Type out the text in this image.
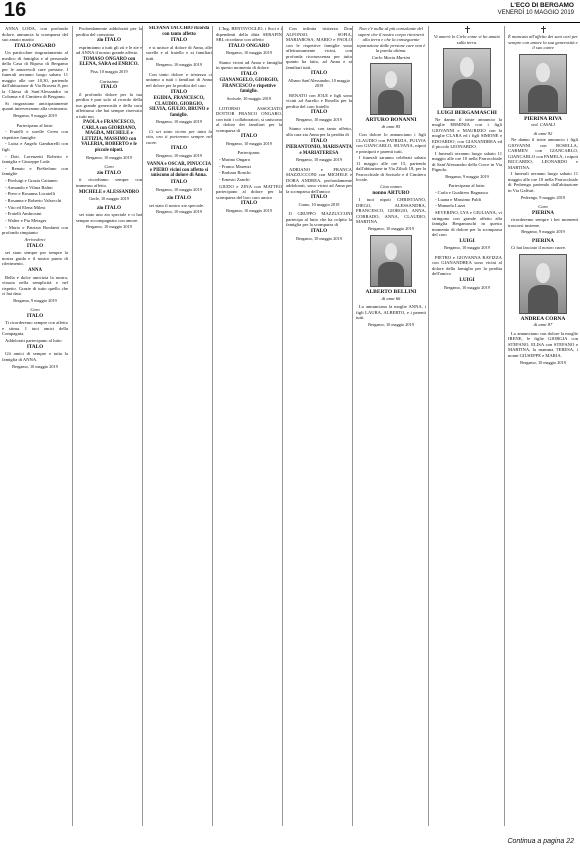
16	L'ECO DI BERGAMO
VENERDÌ 10 MAGGIO 2019

ANNA LODA, con profondo dolore, annuncia la scomparsa del suo amato marito

ITALO ONGARO

Un particolare ringraziamento al medico di famiglia e al personale della Casa di Riposo di Bergamo per le amorevoli cure prestate. I funerali avranno luogo sabato 11 maggio alle ore 10,30, partendo dall'abitazione di Via Broseta 8, per la Chiesa di Sant'Alessandro in Colonna e il Cimitero di Bergamo.

Si ringraziano anticipatamente quanti interverranno alla cerimonia.

Bergamo, 9 maggio 2019

Partecipano al lutto:

- Fratelli e sorelle Cerea con rispettive famiglie

- Luisa e Angelo Gambarelli con figli

- Dott. Lorenzetti Roberto e famiglia e Giuseppe Loda

- Renato e PieStefano con famiglie

- Pierluigi e Grazia Cattaneo

- Armando e Vilma Balini

- Piero e Rosanna Locatelli

- Rosanna e Roberto Valsecchi

- Vito ed Elena Milesi

- Fratelli Ambrosini

- Walter e Pia Metzger

- Mario e Patrizia Bonfanti con profondo rimpianto

Arrivederci

ITALO

sei stato sempre per sempre la nostra guida e il nostro punto di riferimento.

ANNA

Bella e dolce amicizia la nostra, vissuta nella semplicità e nel rispetto. Grazie di tutto quello che ci hai dato.

Bergamo, 9 maggio 2019

Caro

ITALO

Ti ricorderemo sempre con affetto e stima. I tuoi amici della Compagnia.

Addolorati partecipano al lutto

ITALO

Gli amici di sempre e tutta la famiglia di ANNA.

Bergamo, 10 maggio 2019

Profondamente addolorati per la perdita del carissimo

zio ITALO

esprimiamo a tutti gli zii e le zie e ad ANNA il nostro grande affetto.

TOMASO ONGARO con ELENA, SARA ed ENRICO.

Pisa, 10 maggio 2019

Carissimo

ITALO

il profondo dolore per la tua perdita è pari solo al ricordo della tua grande generosità e della cura affettuosa che hai sempre riservato a tutti noi.

PAOLA e FRANCESCO, CARLA con GIORDANO, MAGDA, MICHELE e LETIZIA, MASSIMO con VALERIA, ROBERTO e le piccole nipoti.

Bergamo, 10 maggio 2019

Caro

zio ITALO

ti ricordiamo sempre con immenso affetto.

MICHELE e ALESSANDRO

Gorle, 10 maggio 2019

zio ITALO

sei stato uno zio speciale e ci hai sempre accompagnato con amore.

Bergamo, 10 maggio 2019

SILVANA TACCHIO ricorda con tanto affetto

ITALO

e si unisce al dolore di Anna, alle sorelle e al fratello e ai familiari tutti.

Bergamo, 10 maggio 2019

Con tanto dolore e tristezza ci uniamo a tutti i familiari di Anna nel dolore per la perdita del caro

ITALO

EGIDIA, FRANCESCO, CLAUDIO, GIORGIO, SILVIA, GIULIO, BRUNO e famiglie.

Bergamo, 10 maggio 2019

Ci sei stato vicino per tutta la vita, ora ti porteremo sempre nel cuore.

ITALO

Bergamo, 10 maggio 2019

VANNA e OSCAR, PINUCCIA e PIERO vicini con affetto si uniscono al dolore di Anna.

ITALO

Bergamo, 10 maggio 2019

zio ITALO

sei stato il nostro zio speciale.

Bergamo, 10 maggio 2019

L'Ing. BENTIVOGLIO, i Soci e i dipendenti della ditta SERAFIN SRL ricordano con affetto

ITALO ONGARO

Bergamo, 10 maggio 2019

Siamo vicini ad Anna e famiglia in questo momento di dolore.

ITALO

GIANANGELO, GIORGIO, FRANCESCO e rispettive famiglie.

Sorisole, 10 maggio 2019

LOTORSO ASSOCIATO DOTTOR FRANCO ONGARO, con tutti i collaboratori, si uniscono al dolore dei familiari per la scomparsa di

ITALO

Bergamo, 10 maggio 2019

Partecipano:

- Marino Ongaro

- Franco Marenzi

- Barbara Ronchi

- Ernesto Zanchi

GIUDO e ZINA con MATTEO partecipano al dolore per la scomparsa del loro caro amico

ITALO

Bergamo, 10 maggio 2019

Con infinita tristezza Don ALFONSO, SOFIA, MARIAROSA, MARIO e PAOLO con le rispettive famiglie sono affettuosamente vicini, con profonda riconoscenza per tutto quanto ha fatto, ad Anna e ai familiari tutti.

ITALO

Albano Sant'Alessandro, 10 maggio 2019

RENATO con JOLE e figli sono vicini ad Aurelio e Rosella per la perdita del caro fratello

ITALO

Bergamo, 10 maggio 2019

Siamo vicini, con tanto affetto, alla cara zia Anna per la perdita di

ITALO

PIERANTONIO, MARISANTA e MARIATERESA

Bergamo, 10 maggio 2019

ADRIANO e FRANCA MAZZUCCONI con MICHELE e DORA ANDREA, profondamente addolorati, sono vicini ad Anna per la scomparsa dell'amico

ITALO

Curno, 10 maggio 2019

Il GRUPPO MAZZUCCONI partecipa al lutto che ha colpito la famiglia per la scomparsa di

ITALO

Bergamo, 10 maggio 2019

Non c'è nulla al più consolante del sapere che il nostro corpo ritornerà alla terra e che la conseguente separazione dalle persone care non è la parola ultima.

Carlo Maria Martini

ARTURO BONANNI
di anni 85

Con dolore lo annunciano i figli CLAUDIO con PATRIZIA, FULVIA con GIANCARLO, SILVANA, nipoti e pronipoti e parenti tutti.

I funerali saranno celebrati sabato 11 maggio alle ore 15, partendo dall'abitazione in Via Zilioli 18, per la Parrocchiale di Sorisole e il Cimitero locale.

Ciao nonno

nonno ARTURO

I tuoi nipoti CHRISTIANO, DIEGO, ALESSANDRA, FRANCESCO, GIORGIO, ANNA, CORRADO, ANNA, CLAUDIO, MARTINA

Bergamo, 10 maggio 2019

ALBERTO BELLINI
di anni 66

Lo annunciano la moglie ANNA, i figli LAURA, ALBERTO, e i parenti tutti.

Bergamo, 10 maggio 2019

Vi amerò lo Cielo come vi ho amato sulla terra.

LUIGI BERGAMASCHI

Ne danno il triste annuncio la moglie ERMINIA con i figli GIOVANNI e MAURIZIO con la moglie CLARA ed i figli SIMONE e EDOARDO, con GIANANDREA ed il piccolo LEONARDO.

I funerali avranno luogo sabato 11 maggio alle ore 10 nella Parrocchiale di Sant'Alessandro della Croce in Via Pignolo.

Bergamo, 9 maggio 2019

Partecipano al lutto:

- Carla e Gualtiero Bagnasco

- Luana e Massimo Paldi

- Manuela Luzzi

SEVERINO, LYA e GIULIANA, vi stringono con grande affetto alla famiglia Bergamaschi in questo momento di dolore per la scomparsa del caro

LUIGI

Bergamo, 10 maggio 2019

PIETRO e GIOVANNA RAVIZZA con GIANANDREA sono vicini al dolore della famiglia per la perdita dell'amico

LUIGI

Bergamo, 10 maggio 2019

È mancata all'affetto dei suoi cari per sempre con amore la sua generosità e il suo cuore

PIERINA RIVA
ved. CASALI

di anni 92

Ne danno il triste annuncio i figli GIOVANNI con ROSELLA, CARMEN con GIANCARLO, GIANCARLO con PAMELA, i nipoti RICCARDO, LEONARDO e MARTINA.

I funerali avranno luogo sabato 11 maggio alle ore 10 nella Parrocchiale di Pedrengo partendo dall'abitazione in Via Gaffuri.

Pedrengo, 9 maggio 2019

Cara

PIERINA

ricorderemo sempre i bei momenti trascorsi insieme.

Bergamo, 9 maggio 2019

PIERINA

Ci hai lasciato il nostro cuore.

ANDREA CORNA
di anni 87

Lo annunciano con dolore la moglie IRENE, le figlie GIORGIA con STEFANO, ELISA con STEFANO e MARTINA, la mamma TERESA, i nonni GIUSEPPE e MARIA.

Bergamo, 10 maggio 2019

Continua a pagina 22
